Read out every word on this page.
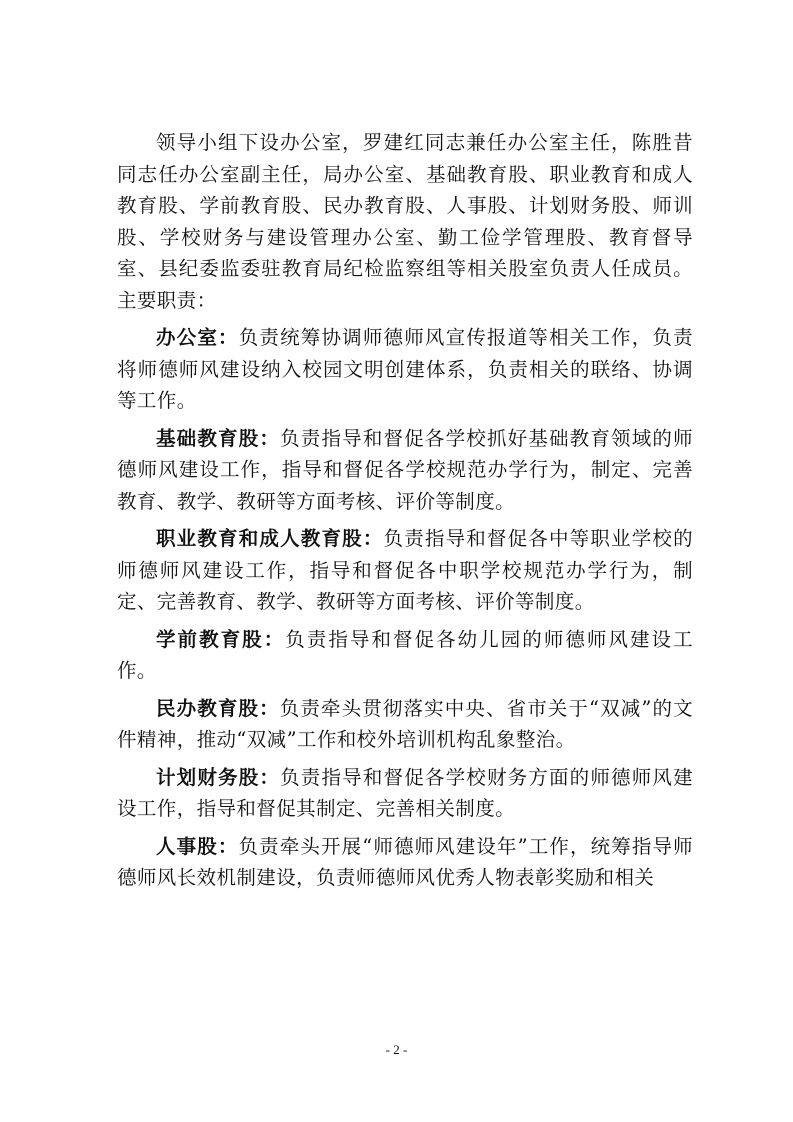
领导小组下设办公室，罗建红同志兼任办公室主任，陈胜昔同志任办公室副主任，局办公室、基础教育股、职业教育和成人教育股、学前教育股、民办教育股、人事股、计划财务股、师训股、学校财务与建设管理办公室、勤工俭学管理股、教育督导室、县纪委监委驻教育局纪检监察组等相关股室负责人任成员。主要职责：

办公室：负责统筹协调师德师风宣传报道等相关工作，负责将师德师风建设纳入校园文明创建体系，负责相关的联络、协调等工作。

基础教育股：负责指导和督促各学校抓好基础教育领域的师德师风建设工作，指导和督促各学校规范办学行为，制定、完善教育、教学、教研等方面考核、评价等制度。

职业教育和成人教育股：负责指导和督促各中等职业学校的师德师风建设工作，指导和督促各中职学校规范办学行为，制定、完善教育、教学、教研等方面考核、评价等制度。

学前教育股：负责指导和督促各幼儿园的师德师风建设工作。

民办教育股：负责牵头贯彻落实中央、省市关于“双减”的文件精神，推动“双减”工作和校外培训机构乱象整治。

计划财务股：负责指导和督促各学校财务方面的师德师风建设工作，指导和督促其制定、完善相关制度。

人事股：负责牵头开展“师德师风建设年”工作，统筹指导师德师风长效机制建设，负责师德师风优秀人物表彰奖励和相关

- 2 -
